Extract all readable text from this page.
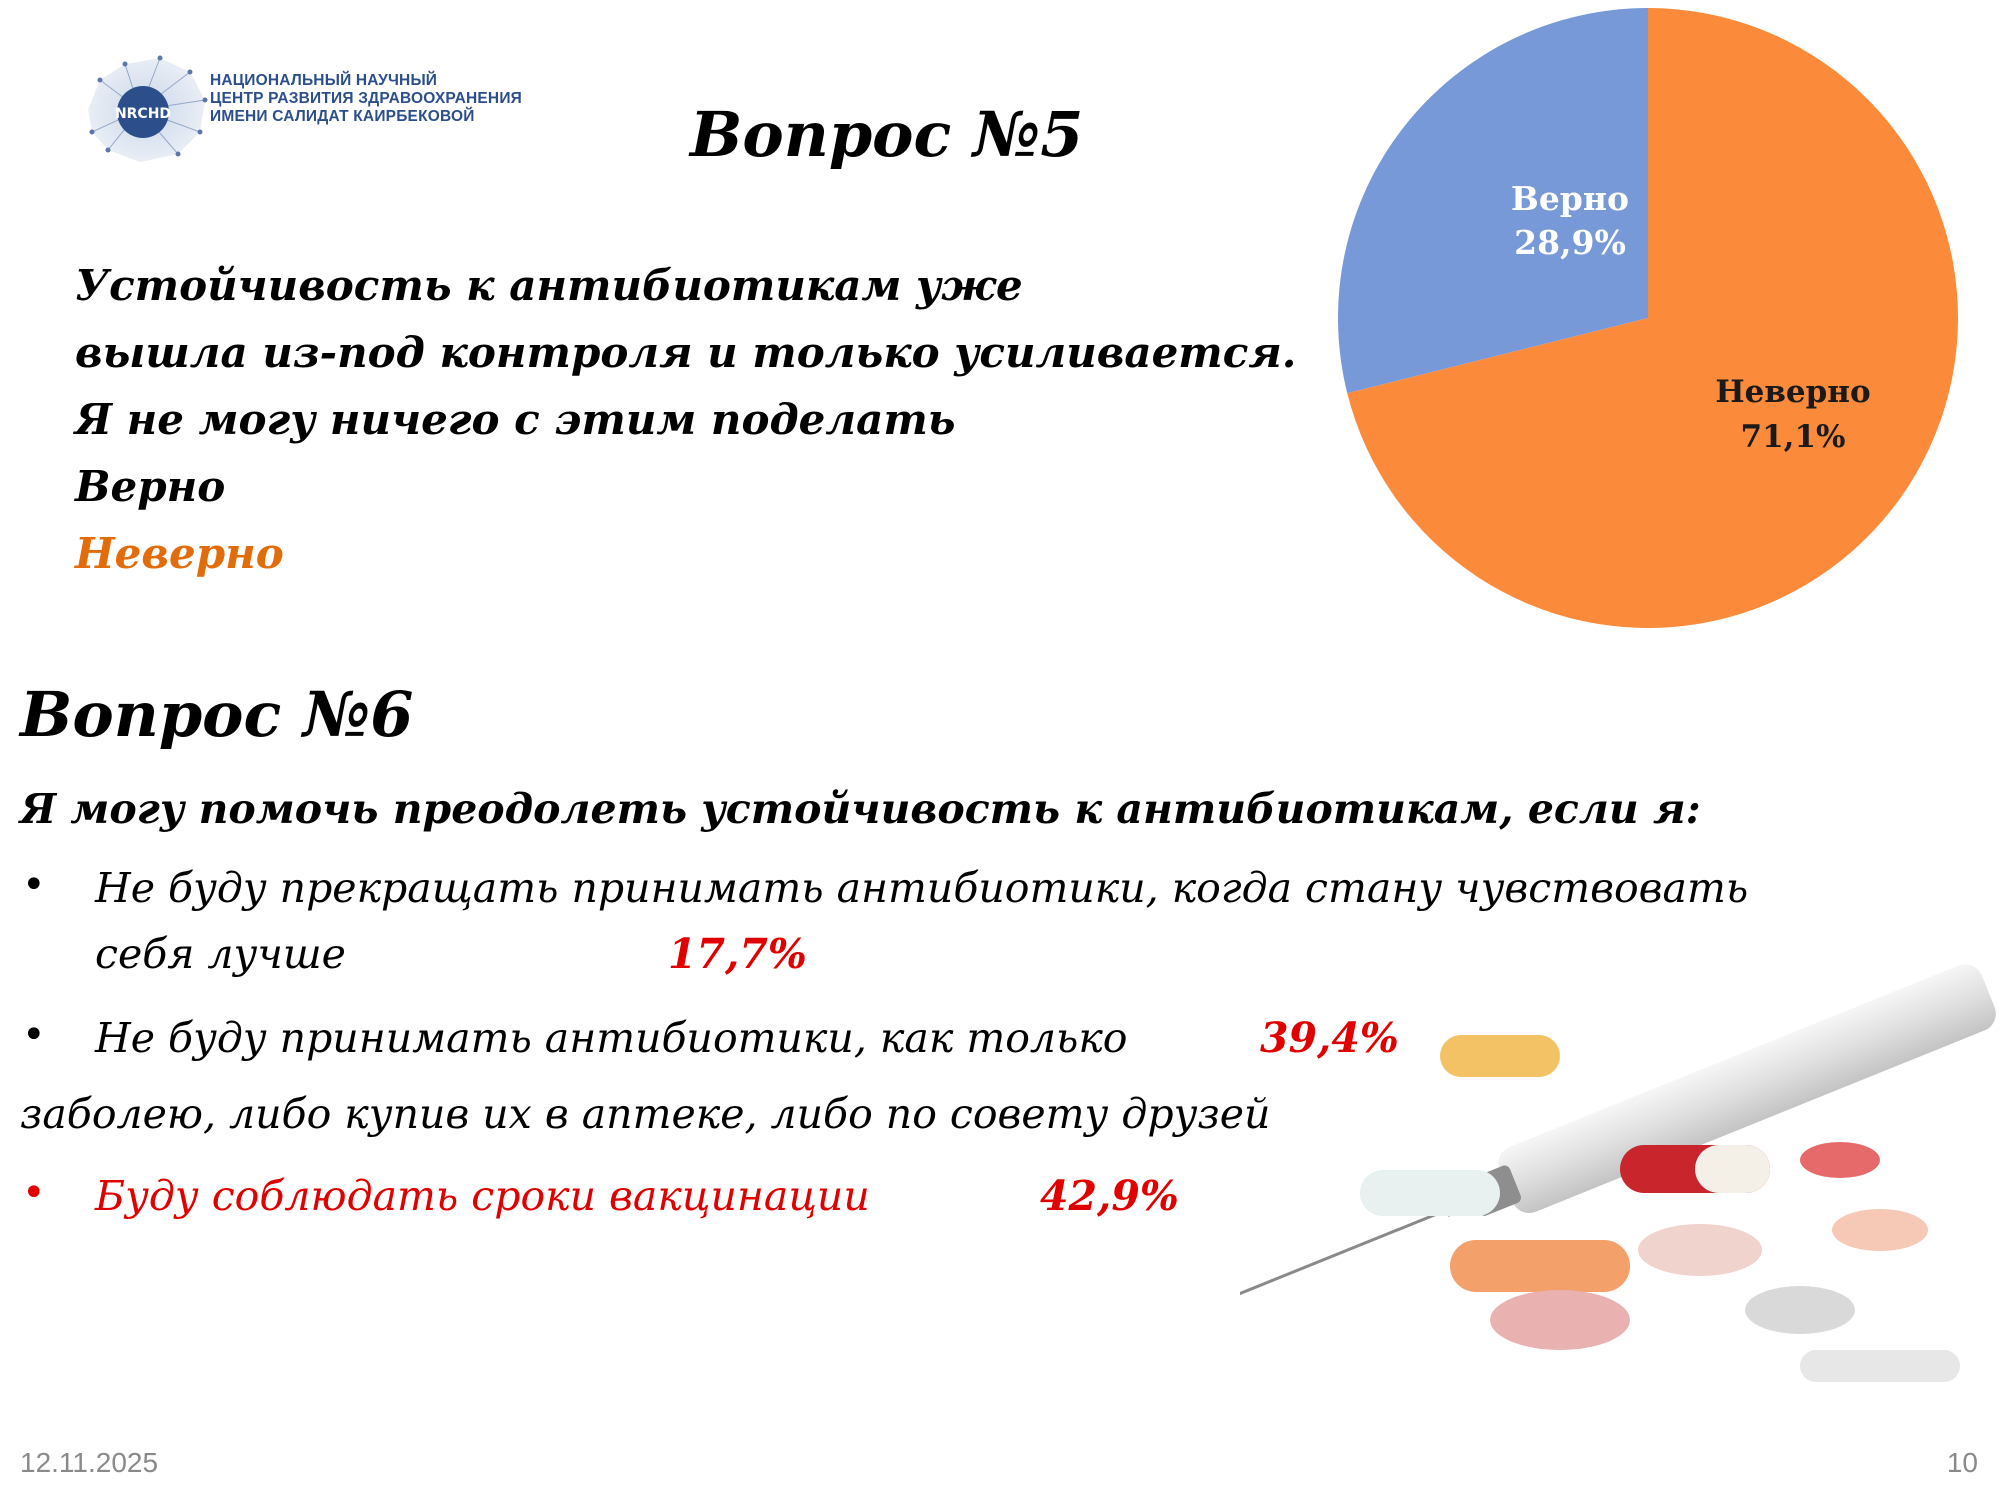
NRCHD
НАЦИОНАЛЬНЫЙ НАУЧНЫЙ
ЦЕНТР РАЗВИТИЯ ЗДРАВООХРАНЕНИЯ
ИМЕНИ САЛИДАТ КАИРБЕКОВОЙ	Вопрос №5
Устойчивость к антибиотикам уже
вышла из-под контроля и только усиливается.
Я не могу ничего с этим поделать
Верно
Неверно
Верно
28,9%
Неверно
71,1%
Вопрос №6
Я могу помочь преодолеть устойчивость к антибиотикам, если я:
• Не буду прекращать принимать антибиотики, когда стану чувствовать
себя лучше	17,7%
• Не буду принимать антибиотики, как только	39,4%
заболею, либо купив их в аптеке, либо по совету друзей
• Буду соблюдать сроки вакцинации	42,9%
12.11.2025	10
